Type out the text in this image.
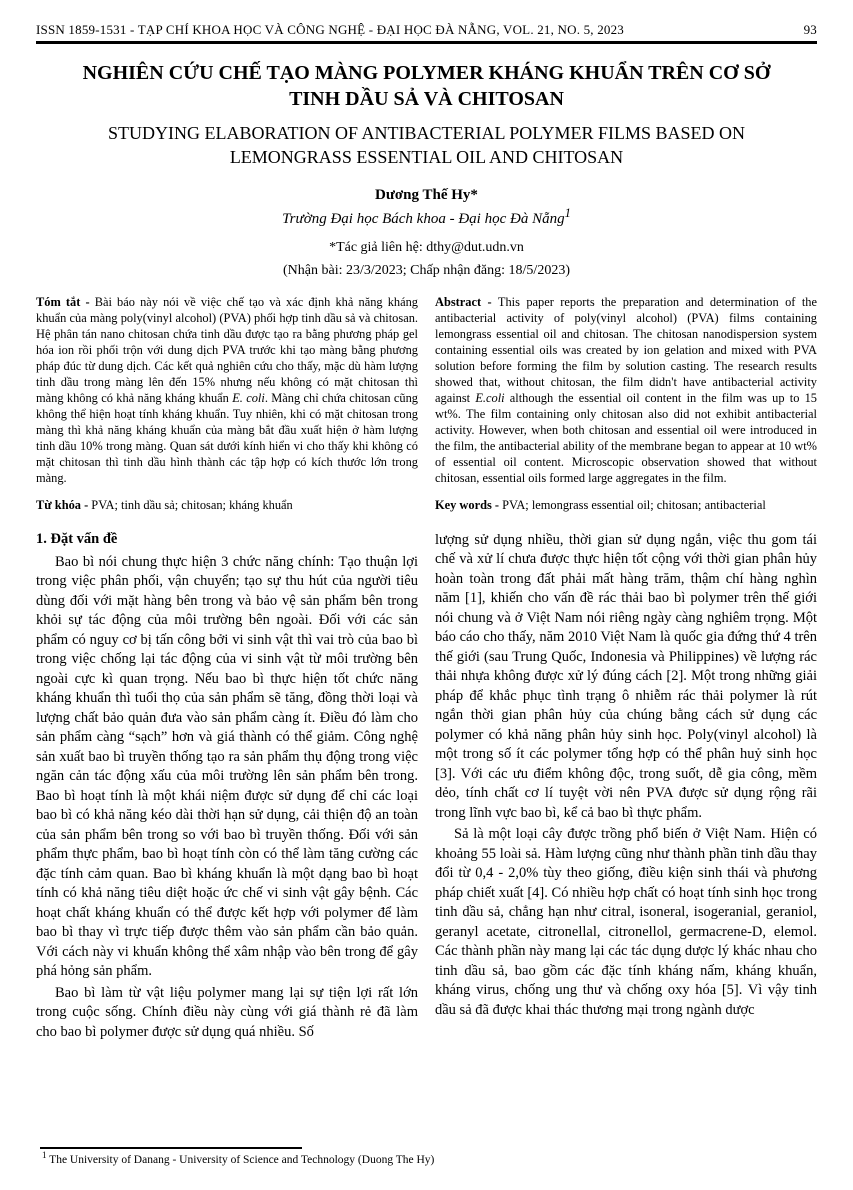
ISSN 1859-1531 - TẠP CHÍ KHOA HỌC VÀ CÔNG NGHỆ - ĐẠI HỌC ĐÀ NẴNG, VOL. 21, NO. 5, 2023	93
NGHIÊN CỨU CHẾ TẠO MÀNG POLYMER KHÁNG KHUẨN TRÊN CƠ SỞ TINH DẦU SẢ VÀ CHITOSAN
STUDYING ELABORATION OF ANTIBACTERIAL POLYMER FILMS BASED ON LEMONGRASS ESSENTIAL OIL AND CHITOSAN
Dương Thế Hy*
Trường Đại học Bách khoa - Đại học Đà Nẵng$^1$
*Tác giả liên hệ: dthy@dut.udn.vn
(Nhận bài: 23/3/2023; Chấp nhận đăng: 18/5/2023)

Tóm tắt - Bài báo này nói về việc chế tạo và xác định khả năng kháng khuẩn của màng poly(vinyl alcohol) (PVA) phối hợp tinh dầu sả và chitosan. Hệ phân tán nano chitosan chứa tinh dầu được tạo ra bằng phương pháp gel hóa ion rồi phối trộn với dung dịch PVA trước khi tạo màng bằng phương pháp đúc từ dung dịch. Các kết quả nghiên cứu cho thấy, mặc dù hàm lượng tinh dầu trong màng lên đến 15% nhưng nếu không có mặt chitosan thì màng không có khả năng kháng khuẩn E. coli. Màng chỉ chứa chitosan cũng không thể hiện hoạt tính kháng khuẩn. Tuy nhiên, khi có mặt chitosan trong màng thì khả năng kháng khuẩn của màng bắt đầu xuất hiện ở hàm lượng tinh dầu 10% trong màng. Quan sát dưới kính hiển vi cho thấy khi không có mặt chitosan thì tinh dầu hình thành các tập hợp có kích thước lớn trong màng.

Từ khóa - PVA; tinh dầu sả; chitosan; kháng khuẩn

Abstract - This paper reports the preparation and determination of the antibacterial activity of poly(vinyl alcohol) (PVA) films containing lemongrass essential oil and chitosan. The chitosan nanodispersion system containing essential oils was created by ion gelation and mixed with PVA solution before forming the film by solution casting. The research results showed that, without chitosan, the film didn't have antibacterial activity against E.coli although the essential oil content in the film was up to 15 wt%. The film containing only chitosan also did not exhibit antibacterial activity. However, when both chitosan and essential oil were introduced in the film, the antibacterial ability of the membrane began to appear at 10 wt% of essential oil content. Microscopic observation showed that without chitosan, essential oils formed large aggregates in the film.

Key words - PVA; lemongrass essential oil; chitosan; antibacterial

1. Đặt vấn đề

Bao bì nói chung thực hiện 3 chức năng chính: Tạo thuận lợi trong việc phân phối, vận chuyển; tạo sự thu hút của người tiêu dùng đối với mặt hàng bên trong và bảo vệ sản phẩm bên trong khỏi sự tác động của môi trường bên ngoài. Đối với các sản phẩm có nguy cơ bị tấn công bởi vi sinh vật thì vai trò của bao bì trong việc chống lại tác động của vi sinh vật từ môi trường bên ngoài cực kì quan trọng. Nếu bao bì thực hiện tốt chức năng kháng khuẩn thì tuổi thọ của sản phẩm sẽ tăng, đồng thời loại và lượng chất bảo quản đưa vào sản phẩm càng ít. Điều đó làm cho sản phẩm càng “sạch” hơn và giá thành có thể giảm. Công nghệ sản xuất bao bì truyền thống tạo ra sản phẩm thụ động trong việc ngăn cản tác động xấu của môi trường lên sản phẩm bên trong. Bao bì hoạt tính là một khái niệm được sử dụng để chỉ các loại bao bì có khả năng kéo dài thời hạn sử dụng, cải thiện độ an toàn của sản phẩm bên trong so với bao bì truyền thống. Đối với sản phẩm thực phẩm, bao bì hoạt tính còn có thể làm tăng cường các đặc tính cảm quan. Bao bì kháng khuẩn là một dạng bao bì hoạt tính có khả năng tiêu diệt hoặc ức chế vi sinh vật gây bệnh. Các hoạt chất kháng khuẩn có thể được kết hợp với polymer để làm bao bì thay vì trực tiếp được thêm vào sản phẩm cần bảo quản. Với cách này vi khuẩn không thể xâm nhập vào bên trong để gây phá hỏng sản phẩm.

Bao bì làm từ vật liệu polymer mang lại sự tiện lợi rất lớn trong cuộc sống. Chính điều này cùng với giá thành rẻ đã làm cho bao bì polymer được sử dụng quá nhiều. Số

lượng sử dụng nhiều, thời gian sử dụng ngắn, việc thu gom tái chế và xử lí chưa được thực hiện tốt cộng với thời gian phân hủy hoàn toàn trong đất phải mất hàng trăm, thậm chí hàng nghìn năm [1], khiến cho vấn đề rác thải bao bì polymer trên thế giới nói chung và ở Việt Nam nói riêng ngày càng nghiêm trọng. Một báo cáo cho thấy, năm 2010 Việt Nam là quốc gia đứng thứ 4 trên thế giới (sau Trung Quốc, Indonesia và Philippines) về lượng rác thải nhựa không được xử lý đúng cách [2]. Một trong những giải pháp để khắc phục tình trạng ô nhiễm rác thải polymer là rút ngắn thời gian phân hủy của chúng bằng cách sử dụng các polymer có khả năng phân hủy sinh học. Poly(vinyl alcohol) là một trong số ít các polymer tổng hợp có thể phân huỷ sinh học [3]. Với các ưu điểm không độc, trong suốt, dễ gia công, mềm dẻo, tính chất cơ lí tuyệt vời nên PVA được sử dụng rộng rãi trong lĩnh vực bao bì, kể cả bao bì thực phẩm.

Sả là một loại cây được trồng phổ biến ở Việt Nam. Hiện có khoảng 55 loài sả. Hàm lượng cũng như thành phần tinh dầu thay đổi từ 0,4 - 2,0% tùy theo giống, điều kiện sinh thái và phương pháp chiết xuất [4]. Có nhiều hợp chất có hoạt tính sinh học trong tinh dầu sả, chẳng hạn như citral, isoneral, isogeranial, geraniol, geranyl acetate, citronellal, citronellol, germacrene-D, elemol. Các thành phần này mang lại các tác dụng dược lý khác nhau cho tinh dầu sả, bao gồm các đặc tính kháng nấm, kháng khuẩn, kháng virus, chống ung thư và chống oxy hóa [5]. Vì vậy tinh dầu sả đã được khai thác thương mại trong ngành dược

$^1$ The University of Danang - University of Science and Technology (Duong The Hy)
